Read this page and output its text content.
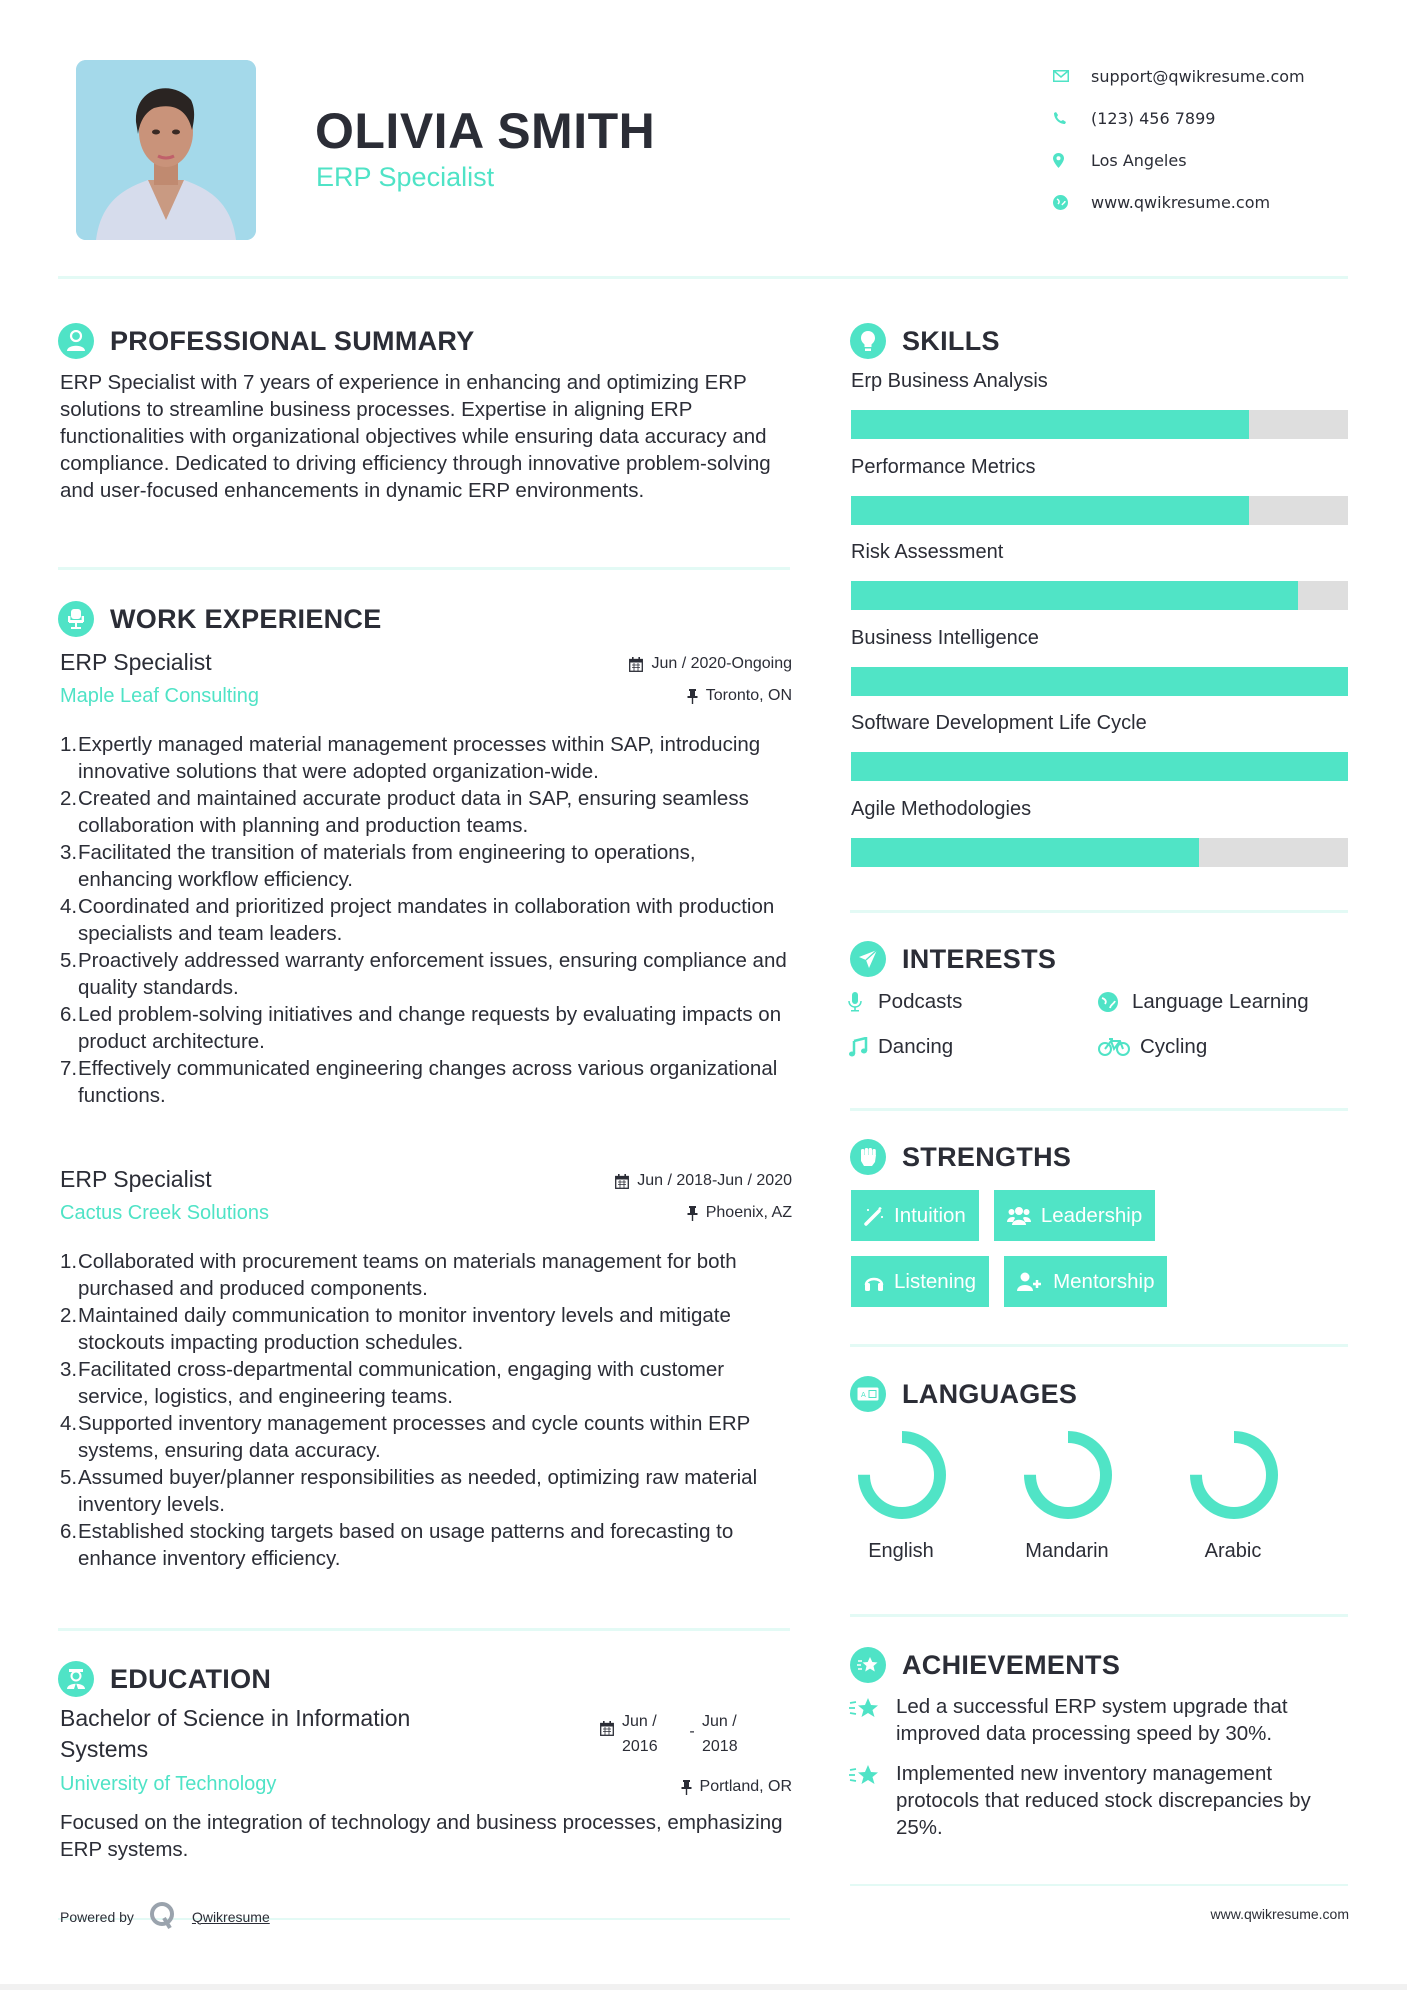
OLIVIA SMITH
ERP Specialist
support@qwikresume.com
(123) 456 7899
Los Angeles
www.qwikresume.com
PROFESSIONAL SUMMARY
ERP Specialist with 7 years of experience in enhancing and optimizing ERP solutions to streamline business processes. Expertise in aligning ERP functionalities with organizational objectives while ensuring data accuracy and compliance. Dedicated to driving efficiency through innovative problem-solving and user-focused enhancements in dynamic ERP environments.
WORK EXPERIENCE
ERP Specialist
Maple Leaf Consulting
Jun / 2020-Ongoing
Toronto, ON
1. Expertly managed material management processes within SAP, introducing innovative solutions that were adopted organization-wide.
2. Created and maintained accurate product data in SAP, ensuring seamless collaboration with planning and production teams.
3. Facilitated the transition of materials from engineering to operations, enhancing workflow efficiency.
4. Coordinated and prioritized project mandates in collaboration with production specialists and team leaders.
5. Proactively addressed warranty enforcement issues, ensuring compliance and quality standards.
6. Led problem-solving initiatives and change requests by evaluating impacts on product architecture.
7. Effectively communicated engineering changes across various organizational functions.
ERP Specialist
Cactus Creek Solutions
Jun / 2018-Jun / 2020
Phoenix, AZ
1. Collaborated with procurement teams on materials management for both purchased and produced components.
2. Maintained daily communication to monitor inventory levels and mitigate stockouts impacting production schedules.
3. Facilitated cross-departmental communication, engaging with customer service, logistics, and engineering teams.
4. Supported inventory management processes and cycle counts within ERP systems, ensuring data accuracy.
5. Assumed buyer/planner responsibilities as needed, optimizing raw material inventory levels.
6. Established stocking targets based on usage patterns and forecasting to enhance inventory efficiency.
EDUCATION
Bachelor of Science in Information Systems
Jun /
2016
-
Jun /
2018
University of Technology	Portland, OR
Focused on the integration of technology and business processes, emphasizing ERP systems.
Powered by	Qwikresume
SKILLS
Erp Business Analysis
Performance Metrics
Risk Assessment
Business Intelligence
Software Development Life Cycle
Agile Methodologies
INTERESTS
Podcasts	Language Learning
Dancing	Cycling
STRENGTHS
Intuition	Leadership
Listening	Mentorship
A LANGUAGES
English	Mandarin	Arabic
ACHIEVEMENTS
Led a successful ERP system upgrade that improved data processing speed by 30%.
Implemented new inventory management protocols that reduced stock discrepancies by 25%.
www.qwikresume.com
